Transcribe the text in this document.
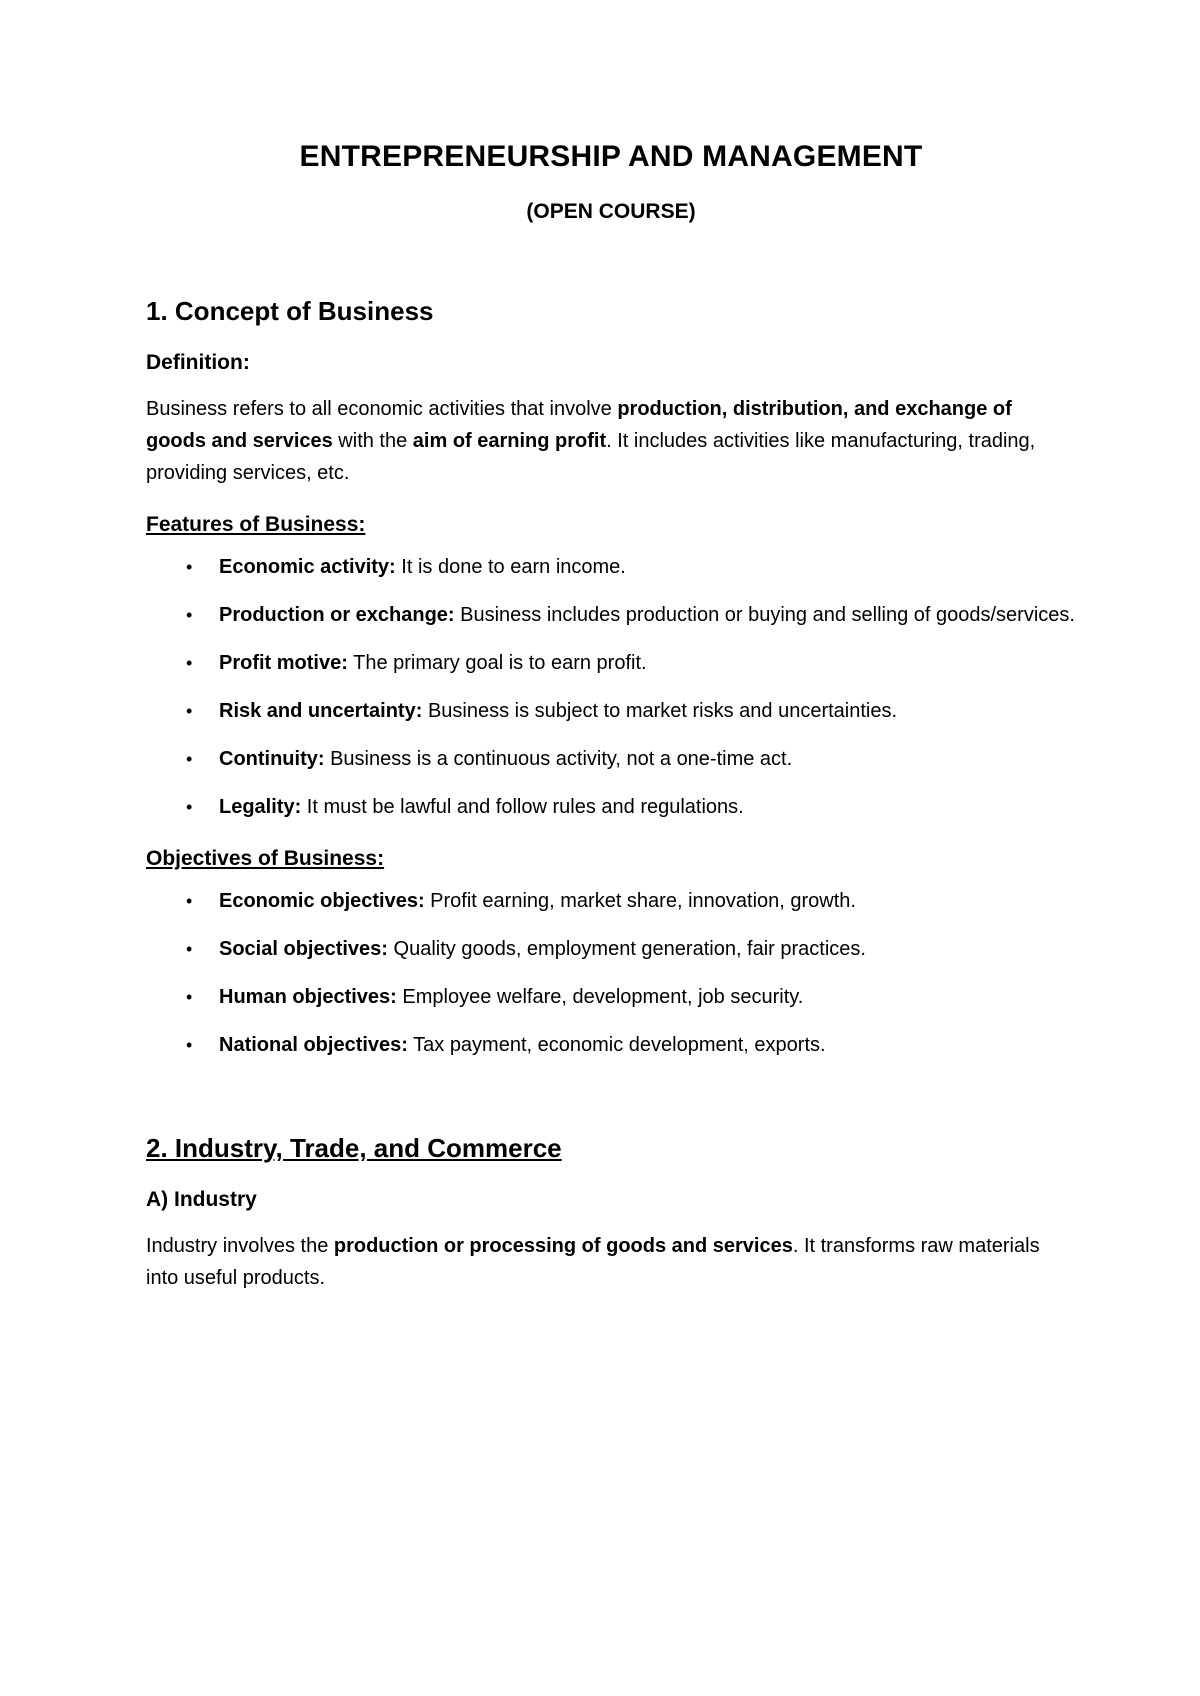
ENTREPRENEURSHIP AND MANAGEMENT

(OPEN COURSE)

1. Concept of Business
Definition:

Business refers to all economic activities that involve production, distribution, and exchange of goods and services with the aim of earning profit. It includes activities like manufacturing, trading, providing services, etc.

Features of Business:
• Economic activity: It is done to earn income.
• Production or exchange: Business includes production or buying and selling of goods/services.
• Profit motive: The primary goal is to earn profit.
• Risk and uncertainty: Business is subject to market risks and uncertainties.
• Continuity: Business is a continuous activity, not a one-time act.
• Legality: It must be lawful and follow rules and regulations.
Objectives of Business:
• Economic objectives: Profit earning, market share, innovation, growth.
• Social objectives: Quality goods, employment generation, fair practices.
• Human objectives: Employee welfare, development, job security.
• National objectives: Tax payment, economic development, exports.
2. Industry, Trade, and Commerce
A) Industry

Industry involves the production or processing of goods and services. It transforms raw materials into useful products.
